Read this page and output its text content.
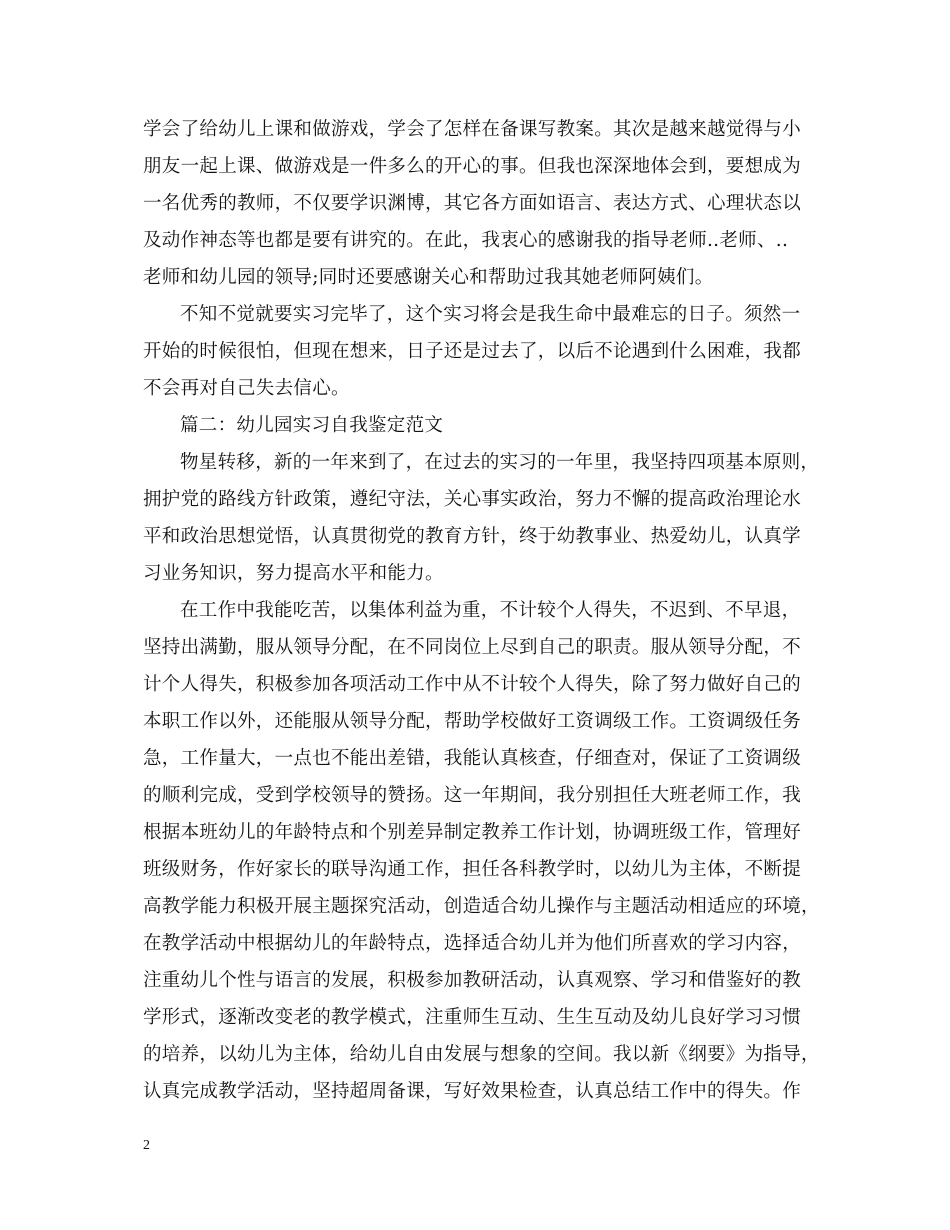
学会了给幼儿上课和做游戏，学会了怎样在备课写教案。其次是越来越觉得与小
朋友一起上课、做游戏是一件多么的开心的事。但我也深深地体会到，要想成为
一名优秀的教师，不仅要学识渊博，其它各方面如语言、表达方式、心理状态以
及动作神态等也都是要有讲究的。在此，我衷心的感谢我的指导老师..老师、..
老师和幼儿园的领导;同时还要感谢关心和帮助过我其她老师阿姨们。
不知不觉就要实习完毕了，这个实习将会是我生命中最难忘的日子。须然一
开始的时候很怕，但现在想来，日子还是过去了，以后不论遇到什么困难，我都
不会再对自己失去信心。
篇二：幼儿园实习自我鉴定范文
物星转移，新的一年来到了，在过去的实习的一年里，我坚持四项基本原则，
拥护党的路线方针政策，遵纪守法，关心事实政治，努力不懈的提高政治理论水
平和政治思想觉悟，认真贯彻党的教育方针，终于幼教事业、热爱幼儿，认真学
习业务知识，努力提高水平和能力。
在工作中我能吃苦，以集体利益为重，不计较个人得失，不迟到、不早退，
坚持出满勤，服从领导分配，在不同岗位上尽到自己的职责。服从领导分配，不
计个人得失，积极参加各项活动工作中从不计较个人得失，除了努力做好自己的
本职工作以外，还能服从领导分配，帮助学校做好工资调级工作。工资调级任务
急，工作量大，一点也不能出差错，我能认真核查，仔细查对，保证了工资调级
的顺利完成，受到学校领导的赞扬。这一年期间，我分别担任大班老师工作，我
根据本班幼儿的年龄特点和个别差异制定教养工作计划，协调班级工作，管理好
班级财务，作好家长的联导沟通工作，担任各科教学时，以幼儿为主体，不断提
高教学能力积极开展主题探究活动，创造适合幼儿操作与主题活动相适应的环境，
在教学活动中根据幼儿的年龄特点，选择适合幼儿并为他们所喜欢的学习内容，
注重幼儿个性与语言的发展，积极参加教研活动，认真观察、学习和借鉴好的教
学形式，逐渐改变老的教学模式，注重师生互动、生生互动及幼儿良好学习习惯
的培养，以幼儿为主体，给幼儿自由发展与想象的空间。我以新《纲要》为指导，
认真完成教学活动，坚持超周备课，写好效果检查，认真总结工作中的得失。作
2
